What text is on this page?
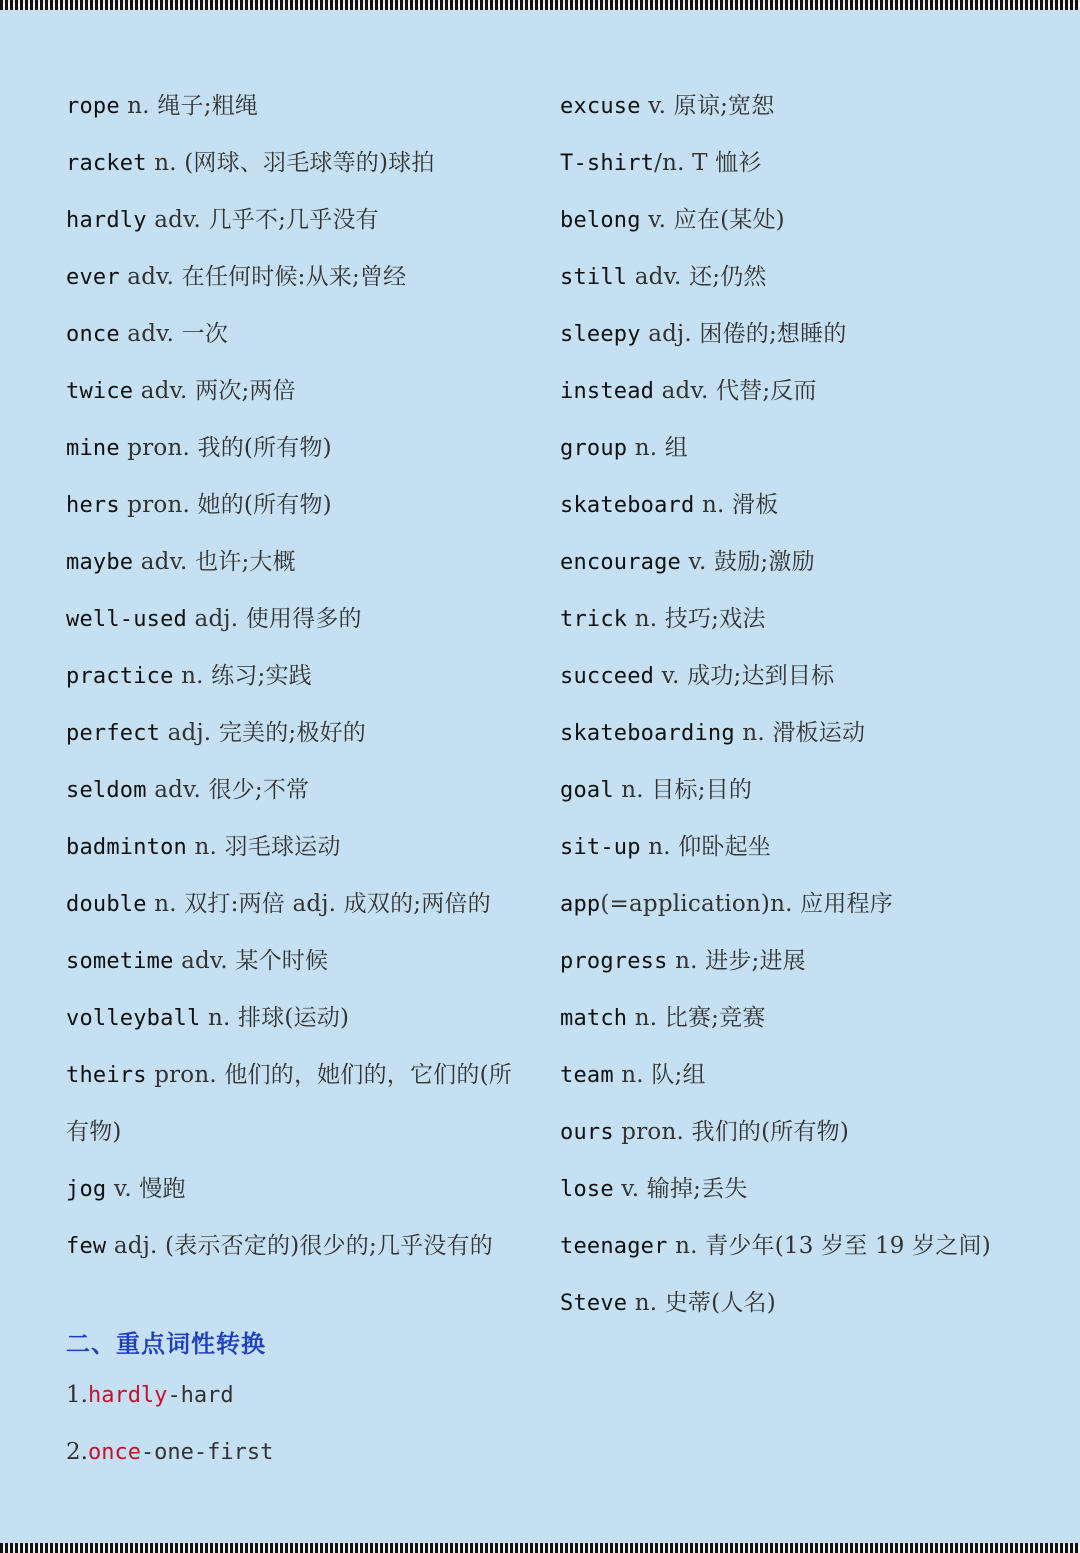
rope n. 绳子;粗绳
racket n. (网球、羽毛球等的)球拍
hardly adv. 几乎不;几乎没有
ever adv. 在任何时候:从来;曾经
once adv. 一次
twice adv. 两次;两倍
mine pron. 我的(所有物)
hers pron. 她的(所有物)
maybe adv. 也许;大概
well-used adj. 使用得多的
practice n. 练习;实践
perfect adj. 完美的;极好的
seldom adv. 很少;不常
badminton n. 羽毛球运动
double n. 双打:两倍 adj. 成双的;两倍的
sometime adv. 某个时候
volleyball n. 排球(运动)
theirs pron. 他们的，她们的，它们的(所有物)
jog v. 慢跑
few adj. (表示否定的)很少的;几乎没有的
excuse v. 原谅;宽恕
T-shirt/n. T 恤衫
belong v. 应在(某处)
still adv. 还;仍然
sleepy adj. 困倦的;想睡的
instead adv. 代替;反而
group n. 组
skateboard n. 滑板
encourage v. 鼓励;激励
trick n. 技巧;戏法
succeed v. 成功;达到目标
skateboarding n. 滑板运动
goal n. 目标;目的
sit-up n. 仰卧起坐
app(=application)n. 应用程序
progress n. 进步;进展
match n. 比赛;竞赛
team n. 队;组
ours pron. 我们的(所有物)
lose v. 输掉;丢失
teenager n. 青少年(13 岁至 19 岁之间)
Steve n. 史蒂(人名)
二、重点词性转换
1.hardly-hard
2.once-one-first
